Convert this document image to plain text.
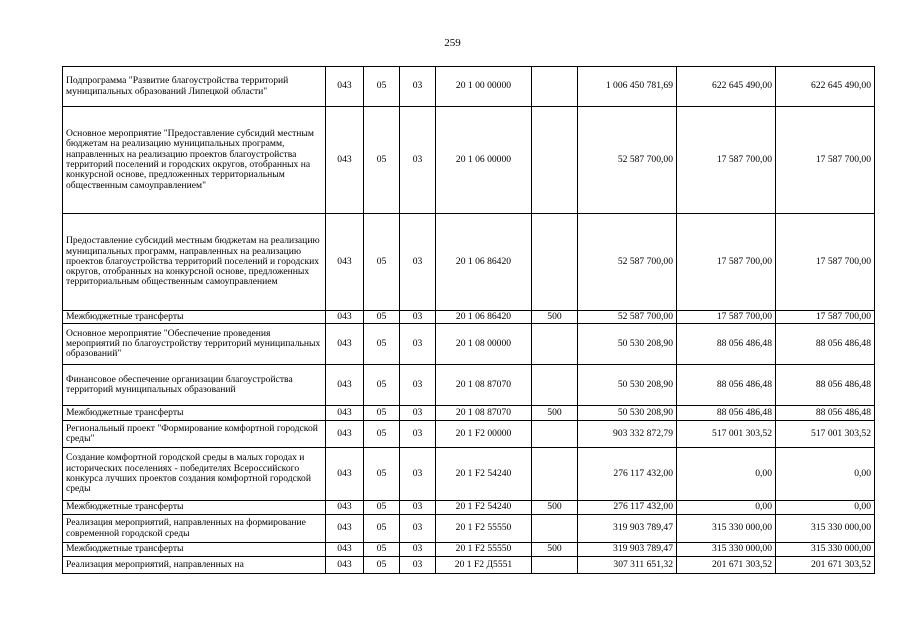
259
Подпрограмма "Развитие благоустройства территорий муниципальных образований Липецкой области"	043	05	03	20 1 00 00000		1 006 450 781,69	622 645 490,00	622 645 490,00
Основное мероприятие "Предоставление субсидий местным бюджетам на реализацию муниципальных программ, направленных на реализацию проектов благоустройства территорий поселений и городских округов, отобранных на конкурсной основе, предложенных территориальным общественным самоуправлением"	043	05	03	20 1 06 00000		52 587 700,00	17 587 700,00	17 587 700,00
Предоставление субсидий местным бюджетам на реализацию муниципальных программ, направленных на реализацию проектов благоустройства территорий поселений и городских округов, отобранных на конкурсной основе, предложенных территориальным общественным самоуправлением	043	05	03	20 1 06 86420		52 587 700,00	17 587 700,00	17 587 700,00
Межбюджетные трансферты	043	05	03	20 1 06 86420	500	52 587 700,00	17 587 700,00	17 587 700,00
Основное мероприятие "Обеспечение проведения мероприятий по благоустройству территорий муниципальных образований"	043	05	03	20 1 08 00000		50 530 208,90	88 056 486,48	88 056 486,48
Финансовое обеспечение организации благоустройства территорий муниципальных образований	043	05	03	20 1 08 87070		50 530 208,90	88 056 486,48	88 056 486,48
Межбюджетные трансферты	043	05	03	20 1 08 87070	500	50 530 208,90	88 056 486,48	88 056 486,48
Региональный проект "Формирование комфортной городской среды"	043	05	03	20 1 F2 00000		903 332 872,79	517 001 303,52	517 001 303,52
Создание комфортной городской среды в малых городах и исторических поселениях - победителях Всероссийского конкурса лучших проектов создания комфортной городской среды	043	05	03	20 1 F2 54240		276 117 432,00	0,00	0,00
Межбюджетные трансферты	043	05	03	20 1 F2 54240	500	276 117 432,00	0,00	0,00
Реализация мероприятий, направленных на формирование современной городской среды	043	05	03	20 1 F2 55550		319 903 789,47	315 330 000,00	315 330 000,00
Межбюджетные трансферты	043	05	03	20 1 F2 55550	500	319 903 789,47	315 330 000,00	315 330 000,00
Реализация мероприятий, направленных на	043	05	03	20 1 F2 Д5551		307 311 651,32	201 671 303,52	201 671 303,52
